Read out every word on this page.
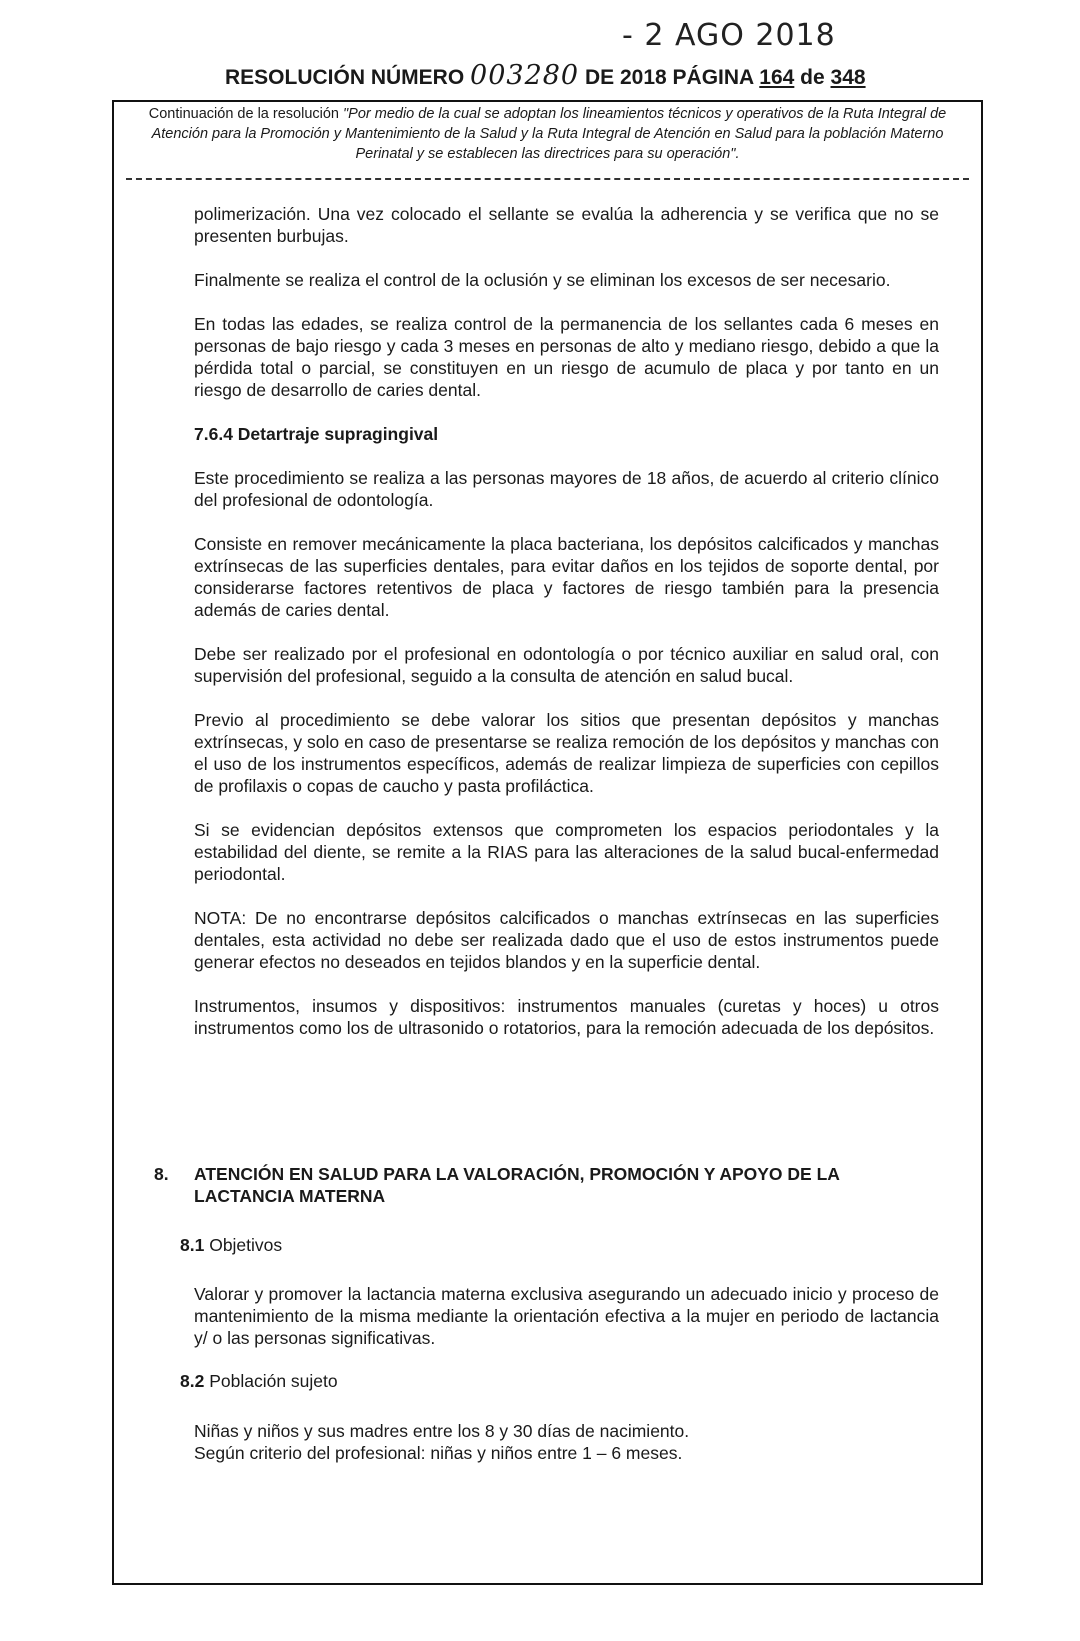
- 2 AGO 2018
RESOLUCIÓN NÚMERO 003280 DE 2018 PÁGINA 164 de 348
Continuación de la resolución "Por medio de la cual se adoptan los lineamientos técnicos y operativos de la Ruta Integral de Atención para la Promoción y Mantenimiento de la Salud y la Ruta Integral de Atención en Salud para la población Materno Perinatal y se establecen las directrices para su operación".

polimerización. Una vez colocado el sellante se evalúa la adherencia y se verifica que no se presenten burbujas.

Finalmente se realiza el control de la oclusión y se eliminan los excesos de ser necesario.

En todas las edades, se realiza control de la permanencia de los sellantes cada 6 meses en personas de bajo riesgo y cada 3 meses en personas de alto y mediano riesgo, debido a que la pérdida total o parcial, se constituyen en un riesgo de acumulo de placa y por tanto en un riesgo de desarrollo de caries dental.

7.6.4 Detartraje supragingival

Este procedimiento se realiza a las personas mayores de 18 años, de acuerdo al criterio clínico del profesional de odontología.

Consiste en remover mecánicamente la placa bacteriana, los depósitos calcificados y manchas extrínsecas de las superficies dentales, para evitar daños en los tejidos de soporte dental, por considerarse factores retentivos de placa y factores de riesgo también para la presencia además de caries dental.

Debe ser realizado por el profesional en odontología o por técnico auxiliar en salud oral, con supervisión del profesional, seguido a la consulta de atención en salud bucal.

Previo al procedimiento se debe valorar los sitios que presentan depósitos y manchas extrínsecas, y solo en caso de presentarse se realiza remoción de los depósitos y manchas con el uso de los instrumentos específicos, además de realizar limpieza de superficies con cepillos de profilaxis o copas de caucho y pasta profiláctica.

Si se evidencian depósitos extensos que comprometen los espacios periodontales y la estabilidad del diente, se remite a la RIAS para las alteraciones de la salud bucal-enfermedad periodontal.

NOTA: De no encontrarse depósitos calcificados o manchas extrínsecas en las superficies dentales, esta actividad no debe ser realizada dado que el uso de estos instrumentos puede generar efectos no deseados en tejidos blandos y en la superficie dental.

Instrumentos, insumos y dispositivos: instrumentos manuales (curetas y hoces) u otros instrumentos como los de ultrasonido o rotatorios, para la remoción adecuada de los depósitos.

8. ATENCIÓN EN SALUD PARA LA VALORACIÓN, PROMOCIÓN Y APOYO DE LA LACTANCIA MATERNA
8.1 Objetivos

Valorar y promover la lactancia materna exclusiva asegurando un adecuado inicio y proceso de mantenimiento de la misma mediante la orientación efectiva a la mujer en periodo de lactancia y/ o las personas significativas.

8.2 Población sujeto
Niñas y niños y sus madres entre los 8 y 30 días de nacimiento.
Según criterio del profesional: niñas y niños entre 1 – 6 meses.
